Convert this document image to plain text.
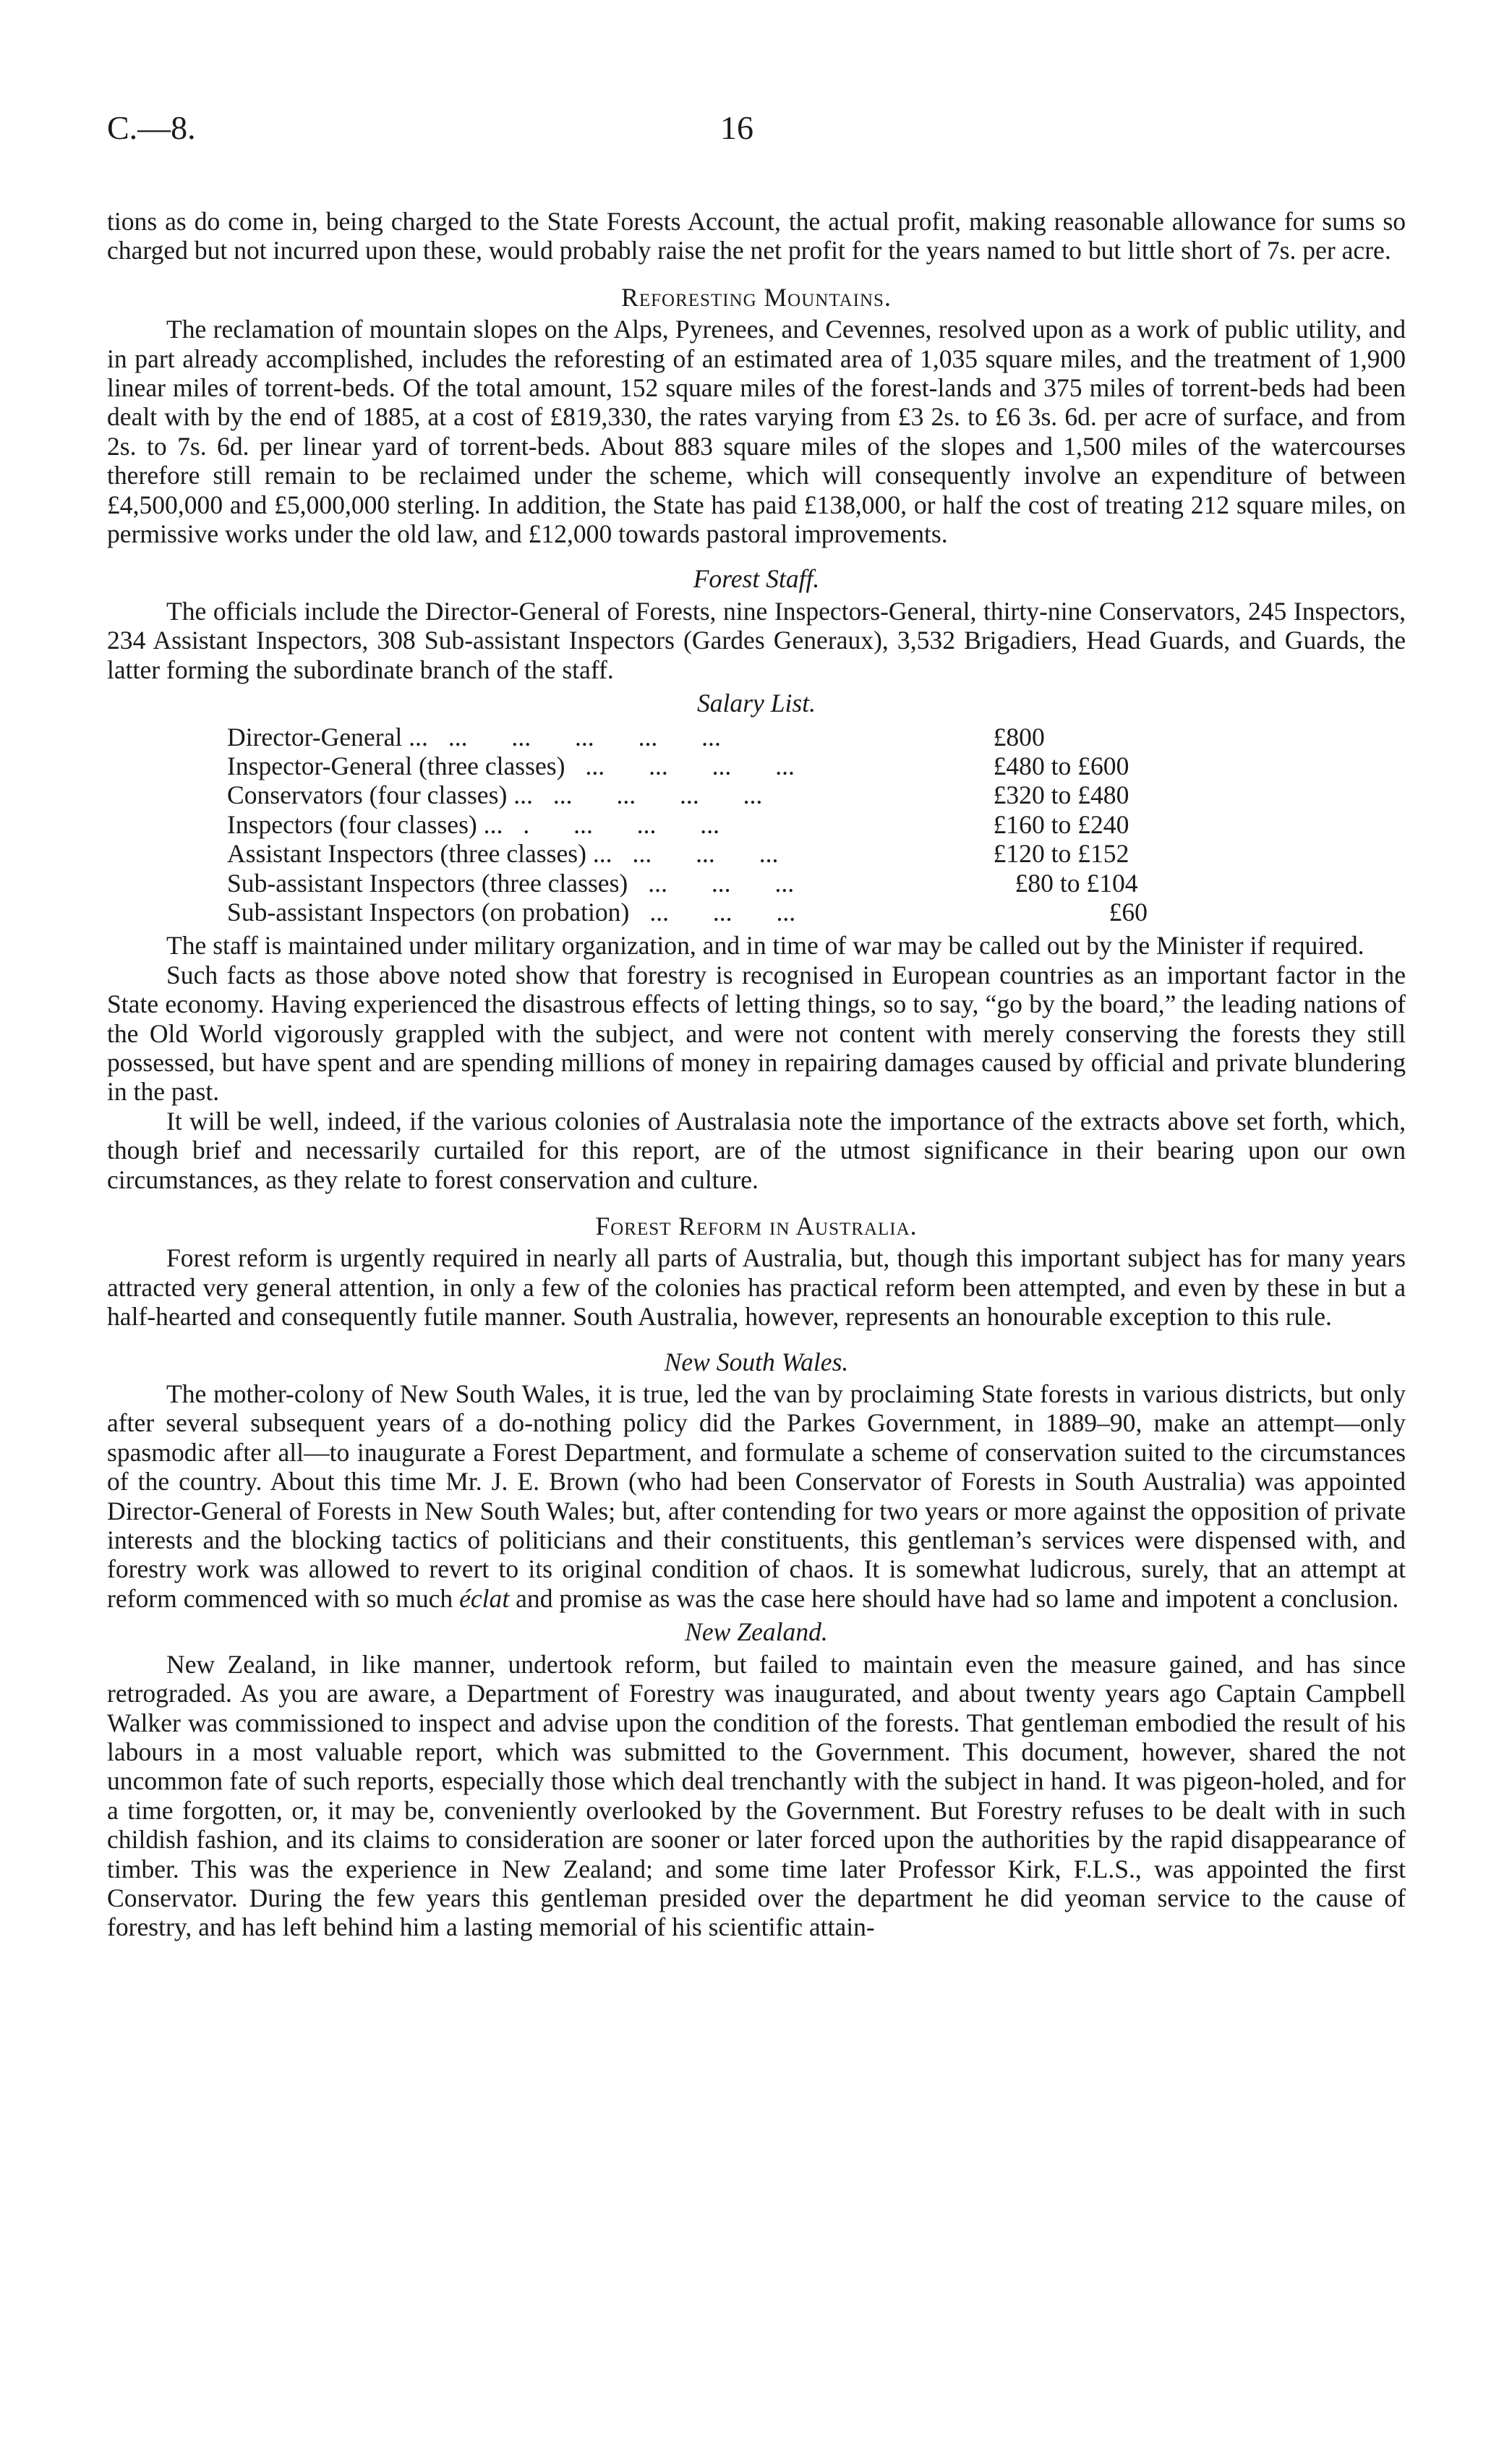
C.—8.	16

tions as do come in, being charged to the State Forests Account, the actual profit, making reasonable allowance for sums so charged but not incurred upon these, would probably raise the net profit for the years named to but little short of 7s. per acre.

Reforesting Mountains.

The reclamation of mountain slopes on the Alps, Pyrenees, and Cevennes, resolved upon as a work of public utility, and in part already accomplished, includes the reforesting of an estimated area of 1,035 square miles, and the treatment of 1,900 linear miles of torrent-beds. Of the total amount, 152 square miles of the forest-lands and 375 miles of torrent-beds had been dealt with by the end of 1885, at a cost of £819,330, the rates varying from £3 2s. to £6 3s. 6d. per acre of surface, and from 2s. to 7s. 6d. per linear yard of torrent-beds. About 883 square miles of the slopes and 1,500 miles of the watercourses therefore still remain to be reclaimed under the scheme, which will consequently involve an expenditure of between £4,500,000 and £5,000,000 sterling. In addition, the State has paid £138,000, or half the cost of treating 212 square miles, on permissive works under the old law, and £12,000 towards pastoral improvements.

Forest Staff.

The officials include the Director-General of Forests, nine Inspectors-General, thirty-nine Conservators, 245 Inspectors, 234 Assistant Inspectors, 308 Sub-assistant Inspectors (Gardes Generaux), 3,532 Brigadiers, Head Guards, and Guards, the latter forming the subordinate branch of the staff.

Salary List.
Director-General ... ... ... ... ... ...	£800
Inspector-General (three classes) ... ... ... ...	£480 to £600
Conservators (four classes) ... ... ... ... ...	£320 to £480
Inspectors (four classes) ... . ... ... ...	£160 to £240
Assistant Inspectors (three classes) ... ... ... ...	£120 to £152
Sub-assistant Inspectors (three classes) ... ... ...	£80 to £104
Sub-assistant Inspectors (on probation) ... ... ...	£60

The staff is maintained under military organization, and in time of war may be called out by the Minister if required.

Such facts as those above noted show that forestry is recognised in European countries as an important factor in the State economy. Having experienced the disastrous effects of letting things, so to say, “go by the board,” the leading nations of the Old World vigorously grappled with the subject, and were not content with merely conserving the forests they still possessed, but have spent and are spending millions of money in repairing damages caused by official and private blundering in the past.

It will be well, indeed, if the various colonies of Australasia note the importance of the extracts above set forth, which, though brief and necessarily curtailed for this report, are of the utmost significance in their bearing upon our own circumstances, as they relate to forest conservation and culture.

Forest Reform in Australia.

Forest reform is urgently required in nearly all parts of Australia, but, though this important subject has for many years attracted very general attention, in only a few of the colonies has practical reform been attempted, and even by these in but a half-hearted and consequently futile manner. South Australia, however, represents an honourable exception to this rule.

New South Wales.

The mother-colony of New South Wales, it is true, led the van by proclaiming State forests in various districts, but only after several subsequent years of a do-nothing policy did the Parkes Government, in 1889–90, make an attempt—only spasmodic after all—to inaugurate a Forest Department, and formulate a scheme of conservation suited to the circumstances of the country. About this time Mr. J. E. Brown (who had been Conservator of Forests in South Australia) was appointed Director-General of Forests in New South Wales; but, after contending for two years or more against the opposition of private interests and the blocking tactics of politicians and their constituents, this gentleman’s services were dispensed with, and forestry work was allowed to revert to its original condition of chaos. It is somewhat ludicrous, surely, that an attempt at reform commenced with so much éclat and promise as was the case here should have had so lame and impotent a conclusion.

New Zealand.

New Zealand, in like manner, undertook reform, but failed to maintain even the measure gained, and has since retrograded. As you are aware, a Department of Forestry was inaugurated, and about twenty years ago Captain Campbell Walker was commissioned to inspect and advise upon the condition of the forests. That gentleman embodied the result of his labours in a most valuable report, which was submitted to the Government. This document, however, shared the not uncommon fate of such reports, especially those which deal trenchantly with the subject in hand. It was pigeon-holed, and for a time forgotten, or, it may be, conveniently overlooked by the Government. But Forestry refuses to be dealt with in such childish fashion, and its claims to consideration are sooner or later forced upon the authorities by the rapid disappearance of timber. This was the experience in New Zealand; and some time later Professor Kirk, F.L.S., was appointed the first Conservator. During the few years this gentleman presided over the department he did yeoman service to the cause of forestry, and has left behind him a lasting memorial of his scientific attain-
